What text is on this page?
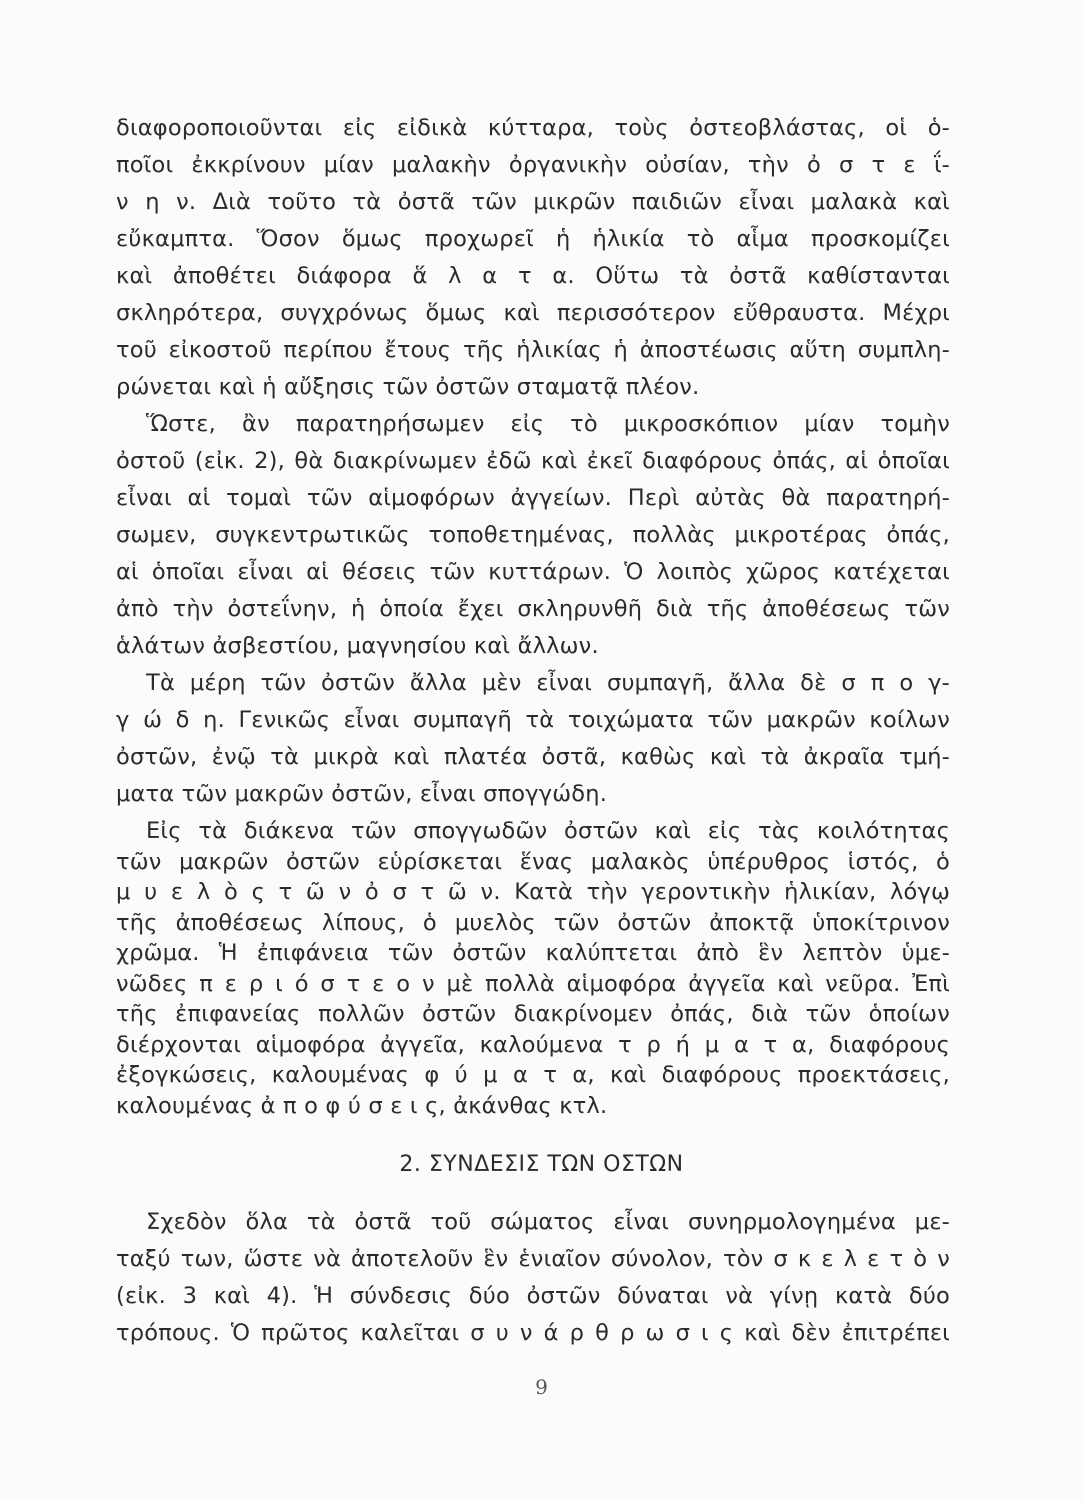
διαφοροποιοῦνται εἰς εἰδικὰ κύτταρα, τοὺς ὀστεοβλάστας, οἱ ὁ-
ποῖοι ἐκκρίνουν μίαν μαλακὴν ὀργανικὴν οὐσίαν, τὴν ὀ σ τ ε ΐ-
ν η ν. Διὰ τοῦτο τὰ ὀστᾶ τῶν μικρῶν παιδιῶν εἶναι μαλακὰ καὶ
εὔκαμπτα. Ὅσον ὅμως προχωρεῖ ἡ ἡλικία τὸ αἷμα προσκομίζει
καὶ ἀποθέτει διάφορα ἅ λ α τ α. Οὕτω τὰ ὀστᾶ καθίστανται
σκληρότερα, συγχρόνως ὅμως καὶ περισσότερον εὔθραυστα. Μέχρι
τοῦ εἰκοστοῦ περίπου ἔτους τῆς ἡλικίας ἡ ἀποστέωσις αὕτη συμπλη-
ρώνεται καὶ ἡ αὔξησις τῶν ὀστῶν σταματᾷ πλέον.
Ὥστε, ἂν παρατηρήσωμεν εἰς τὸ μικροσκόπιον μίαν τομὴν
ὀστοῦ (εἰκ. 2), θὰ διακρίνωμεν ἐδῶ καὶ ἐκεῖ διαφόρους ὀπάς, αἱ ὁποῖαι
εἶναι αἱ τομαὶ τῶν αἱμοφόρων ἀγγείων. Περὶ αὐτὰς θὰ παρατηρή-
σωμεν, συγκεντρωτικῶς τοποθετημένας, πολλὰς μικροτέρας ὀπάς,
αἱ ὁποῖαι εἶναι αἱ θέσεις τῶν κυττάρων. Ὁ λοιπὸς χῶρος κατέχεται
ἀπὸ τὴν ὀστεΐνην, ἡ ὁποία ἔχει σκληρυνθῆ διὰ τῆς ἀποθέσεως τῶν
ἁλάτων ἀσβεστίου, μαγνησίου καὶ ἄλλων.
Τὰ μέρη τῶν ὀστῶν ἄλλα μὲν εἶναι συμπαγῆ, ἄλλα δὲ σ π ο γ-
γ ώ δ η. Γενικῶς εἶναι συμπαγῆ τὰ τοιχώματα τῶν μακρῶν κοίλων
ὀστῶν, ἐνῷ τὰ μικρὰ καὶ πλατέα ὀστᾶ, καθὼς καὶ τὰ ἀκραῖα τμή-
ματα τῶν μακρῶν ὀστῶν, εἶναι σπογγώδη.
Εἰς τὰ διάκενα τῶν σπογγωδῶν ὀστῶν καὶ εἰς τὰς κοιλότητας
τῶν μακρῶν ὀστῶν εὑρίσκεται ἕνας μαλακὸς ὑπέρυθρος ἱστός, ὁ
μ υ ε λ ὸ ς τ ῶ ν ὀ σ τ ῶ ν. Κατὰ τὴν γεροντικὴν ἡλικίαν, λόγῳ
τῆς ἀποθέσεως λίπους, ὁ μυελὸς τῶν ὀστῶν ἀποκτᾷ ὑποκίτρινον
χρῶμα. Ἡ ἐπιφάνεια τῶν ὀστῶν καλύπτεται ἀπὸ ἓν λεπτὸν ὑμε-
νῶδες π ε ρ ι ό σ τ ε ο ν μὲ πολλὰ αἱμοφόρα ἀγγεῖα καὶ νεῦρα. Ἐπὶ
τῆς ἐπιφανείας πολλῶν ὀστῶν διακρίνομεν ὀπάς, διὰ τῶν ὁποίων
διέρχονται αἱμοφόρα ἀγγεῖα, καλούμενα τ ρ ή μ α τ α, διαφόρους
ἐξογκώσεις, καλουμένας φ ύ μ α τ α, καὶ διαφόρους προεκτάσεις,
καλουμένας ἀ π ο φ ύ σ ε ι ς, ἀκάνθας κτλ.
2. ΣΥΝΔΕΣΙΣ ΤΩΝ ΟΣΤΩΝ
Σχεδὸν ὅλα τὰ ὀστᾶ τοῦ σώματος εἶναι συνηρμολογημένα με-
ταξύ των, ὥστε νὰ ἀποτελοῦν ἓν ἑνιαῖον σύνολον, τὸν σ κ ε λ ε τ ὸ ν
(εἰκ. 3 καὶ 4). Ἡ σύνδεσις δύο ὀστῶν δύναται νὰ γίνῃ κατὰ δύο
τρόπους. Ὁ πρῶτος καλεῖται σ υ ν ά ρ θ ρ ω σ ι ς καὶ δὲν ἐπιτρέπει
9
